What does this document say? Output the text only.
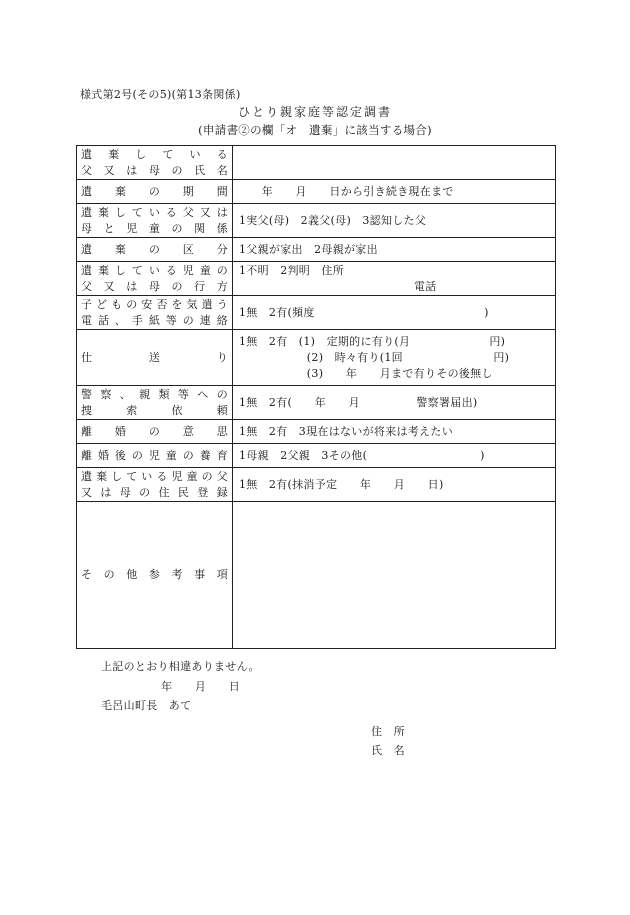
様式第2号(その5)(第13条関係)
ひとり親家庭等認定調書
(申請書②の欄「オ　遺棄」に該当する場合)
遺　棄　し　て　い　る
父　又　は　母　の　氏　名	

遺　　棄　　の　　期　　間	　　年　　月　　日から引き続き現在まで

遺棄している父又は
母と児童の関係	1実父(母)　2義父(母)　3認知した父

遺　　棄　　の　　区　　分	1父親が家出　2母親が家出

遺棄している児童の
父又は母の行方	1不明　2判明　住所
電話

子どもの安否を気遣う
電話、手紙等の連絡	1無　2有(頻度　　　　　　　　　　　　　　　)

仕　　　　　送　　　　　り	1無　2有　(1)　定期的に有り(月　　　　　　　円)
　　　　　　(2)　時々有り(1回　　　　　　　　円)
　　　　　　(3)　　年　　月まで有りその後無し

警察、親類等への
捜　　索　　依　　頼	1無　2有(　　年　　月　　　　　警察署届出)

離　　婚　　の　　意　　思	1無　2有　3現在はないが将来は考えたい

離婚後の児童の養育	1母親　2父親　3その他(　　　　　　　　　　)

遺棄している児童の父
又は母の住民登録	1無　2有(抹消予定　　年　　月　　日)

そ　の　他　参　考　事　項	

上記のとおり相違ありません。
年　　月　　日
毛呂山町長　あて
住　所
氏　名
